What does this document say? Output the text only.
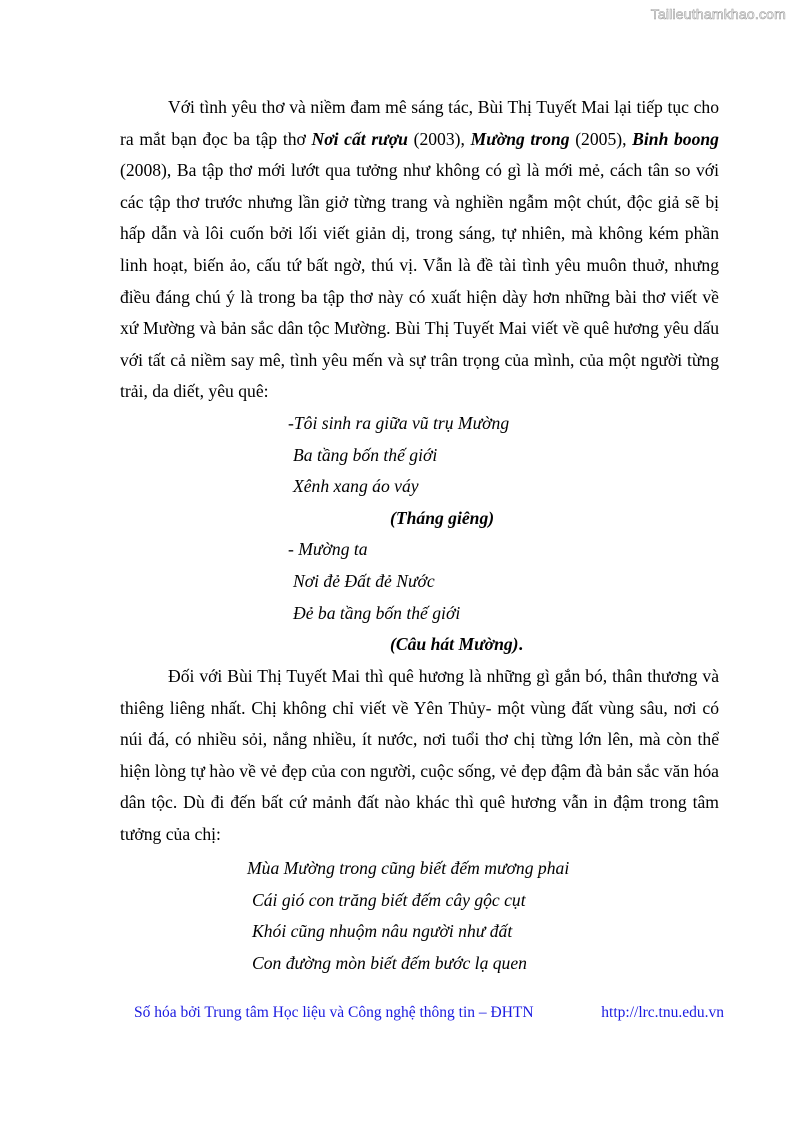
Tailieuthamkhao.com

Với tình yêu thơ và niềm đam mê sáng tác, Bùi Thị Tuyết Mai lại tiếp tục cho ra mắt bạn đọc ba tập thơ Nơi cất rượu (2003), Mường trong (2005), Binh boong (2008), Ba tập thơ mới lướt qua tưởng như không có gì là mới mẻ, cách tân so với các tập thơ trước nhưng lần giở từng trang và nghiền ngẫm một chút, độc giả sẽ bị hấp dẫn và lôi cuốn bởi lối viết giản dị, trong sáng, tự nhiên, mà không kém phần linh hoạt, biến ảo, cấu tứ bất ngờ, thú vị. Vẫn là đề tài tình yêu muôn thuở, nhưng điều đáng chú ý là trong ba tập thơ này có xuất hiện dày hơn những bài thơ viết về xứ Mường và bản sắc dân tộc Mường. Bùi Thị Tuyết Mai viết về quê hương yêu dấu với tất cả niềm say mê, tình yêu mến và sự trân trọng của mình, của một người từng trải, da diết, yêu quê:

-Tôi sinh ra giữa vũ trụ Mường
Ba tầng bốn thế giới
Xênh xang áo váy
(Tháng giêng)
- Mường ta
Nơi đẻ Đất đẻ Nước
Đẻ ba tầng bốn thế giới
(Câu hát Mường).

Đối với Bùi Thị Tuyết Mai thì quê hương là những gì gắn bó, thân thương và thiêng liêng nhất. Chị không chỉ viết về Yên Thủy- một vùng đất vùng sâu, nơi có núi đá, có nhiều sỏi, nắng nhiều, ít nước, nơi tuổi thơ chị từng lớn lên, mà còn thể hiện lòng tự hào về vẻ đẹp của con người, cuộc sống, vẻ đẹp đậm đà bản sắc văn hóa dân tộc. Dù đi đến bất cứ mảnh đất nào khác thì quê hương vẫn in đậm trong tâm tưởng của chị:

Mùa Mường trong cũng biết đếm mương phai
Cái gió con trăng biết đếm cây gộc cụt
Khói cũng nhuộm nâu người như đất
Con đường mòn biết đếm bước lạ quen
Số hóa bởi Trung tâm Học liệu và Công nghệ thông tin – ĐHTN	http://lrc.tnu.edu.vn
